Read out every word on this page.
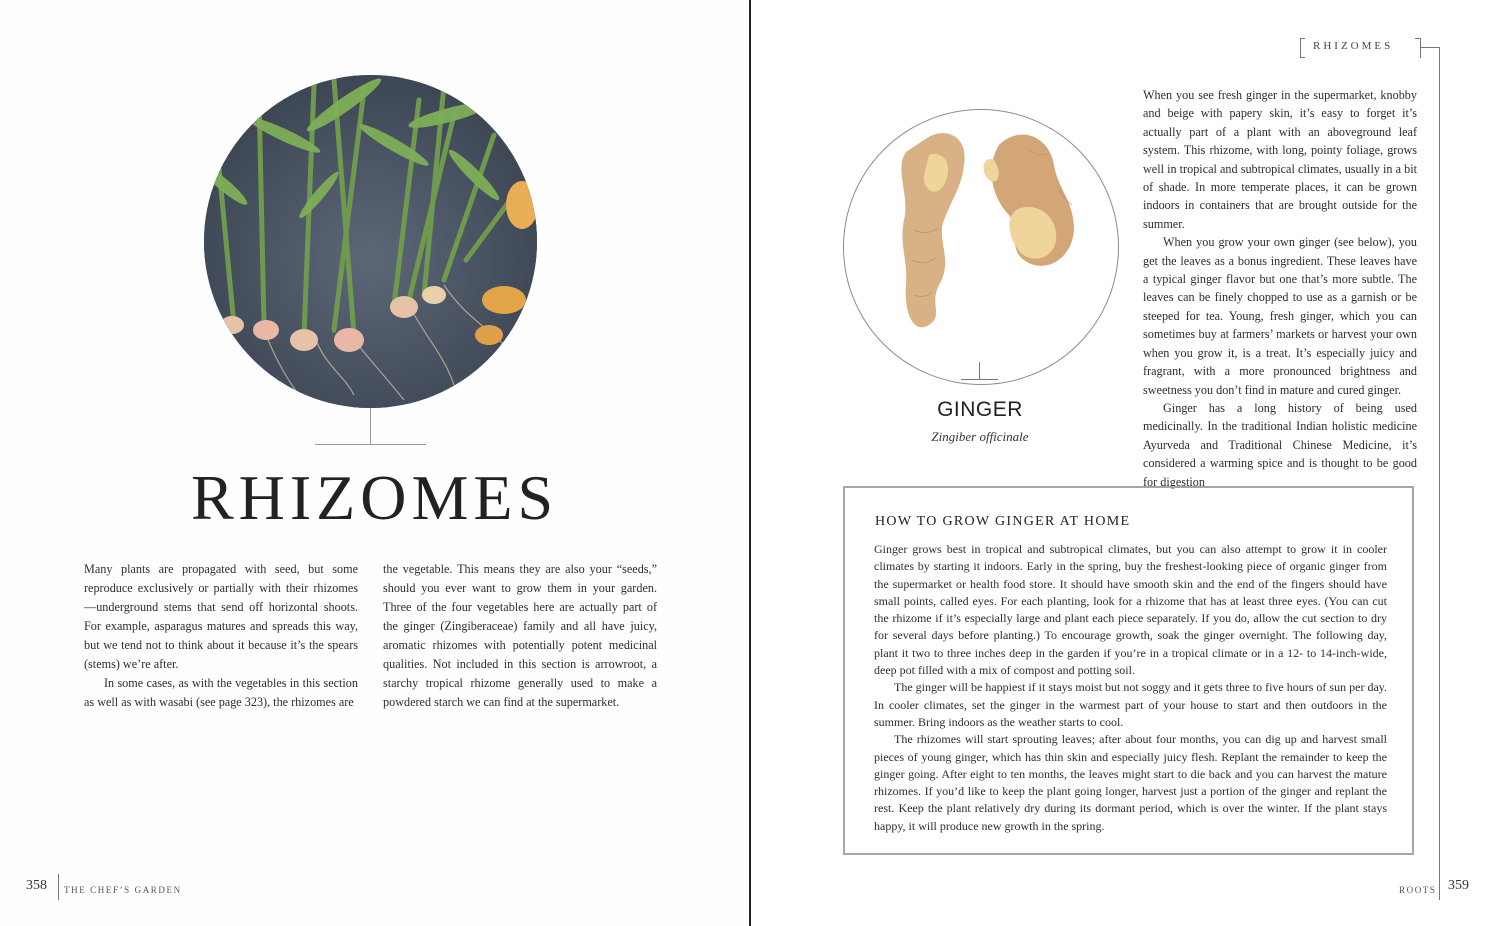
RHIZOMES

Many plants are propagated with seed, but some reproduce exclusively or partially with their rhizomes—underground stems that send off horizontal shoots. For example, asparagus matures and spreads this way, but we tend not to think about it because it’s the spears (stems) we’re after.

In some cases, as with the vegetables in this section as well as with wasabi (see page 323), the rhizomes are

the vegetable. This means they are also your “seeds,” should you ever want to grow them in your garden. Three of the four vegetables here are actually part of the ginger (Zingiberaceae) family and all have juicy, aromatic rhizomes with potentially potent medicinal qualities. Not included in this section is arrowroot, a starchy tropical rhizome generally used to make a powdered starch we can find at the supermarket.

358 THE CHEF’S GARDEN
RHIZOMES
GINGER
Zingiber officinale

When you see fresh ginger in the supermarket, knobby and beige with papery skin, it’s easy to forget it’s actually part of a plant with an aboveground leaf system. This rhizome, with long, pointy foliage, grows well in tropical and subtropical climates, usually in a bit of shade. In more temperate places, it can be grown indoors in containers that are brought outside for the summer.

When you grow your own ginger (see below), you get the leaves as a bonus ingredient. These leaves have a typical ginger flavor but one that’s more subtle. The leaves can be finely chopped to use as a garnish or be steeped for tea. Young, fresh ginger, which you can sometimes buy at farmers’ markets or harvest your own when you grow it, is a treat. It’s especially juicy and fragrant, with a more pronounced brightness and sweetness you don’t find in mature and cured ginger.

Ginger has a long history of being used medicinally. In the traditional Indian holistic medicine Ayurveda and Traditional Chinese Medicine, it’s considered a warming spice and is thought to be good for digestion

HOW TO GROW GINGER AT HOME

Ginger grows best in tropical and subtropical climates, but you can also attempt to grow it in cooler climates by starting it indoors. Early in the spring, buy the freshest-looking piece of organic ginger from the supermarket or health food store. It should have smooth skin and the end of the fingers should have small points, called eyes. For each planting, look for a rhizome that has at least three eyes. (You can cut the rhizome if it’s especially large and plant each piece separately. If you do, allow the cut section to dry for several days before planting.) To encourage growth, soak the ginger overnight. The following day, plant it two to three inches deep in the garden if you’re in a tropical climate or in a 12- to 14-inch-wide, deep pot filled with a mix of compost and potting soil.

The ginger will be happiest if it stays moist but not soggy and it gets three to five hours of sun per day. In cooler climates, set the ginger in the warmest part of your house to start and then outdoors in the summer. Bring indoors as the weather starts to cool.

The rhizomes will start sprouting leaves; after about four months, you can dig up and harvest small pieces of young ginger, which has thin skin and especially juicy flesh. Replant the remainder to keep the ginger going. After eight to ten months, the leaves might start to die back and you can harvest the mature rhizomes. If you’d like to keep the plant going longer, harvest just a portion of the ginger and replant the rest. Keep the plant relatively dry during its dormant period, which is over the winter. If the plant stays happy, it will produce new growth in the spring.

ROOTS 359
